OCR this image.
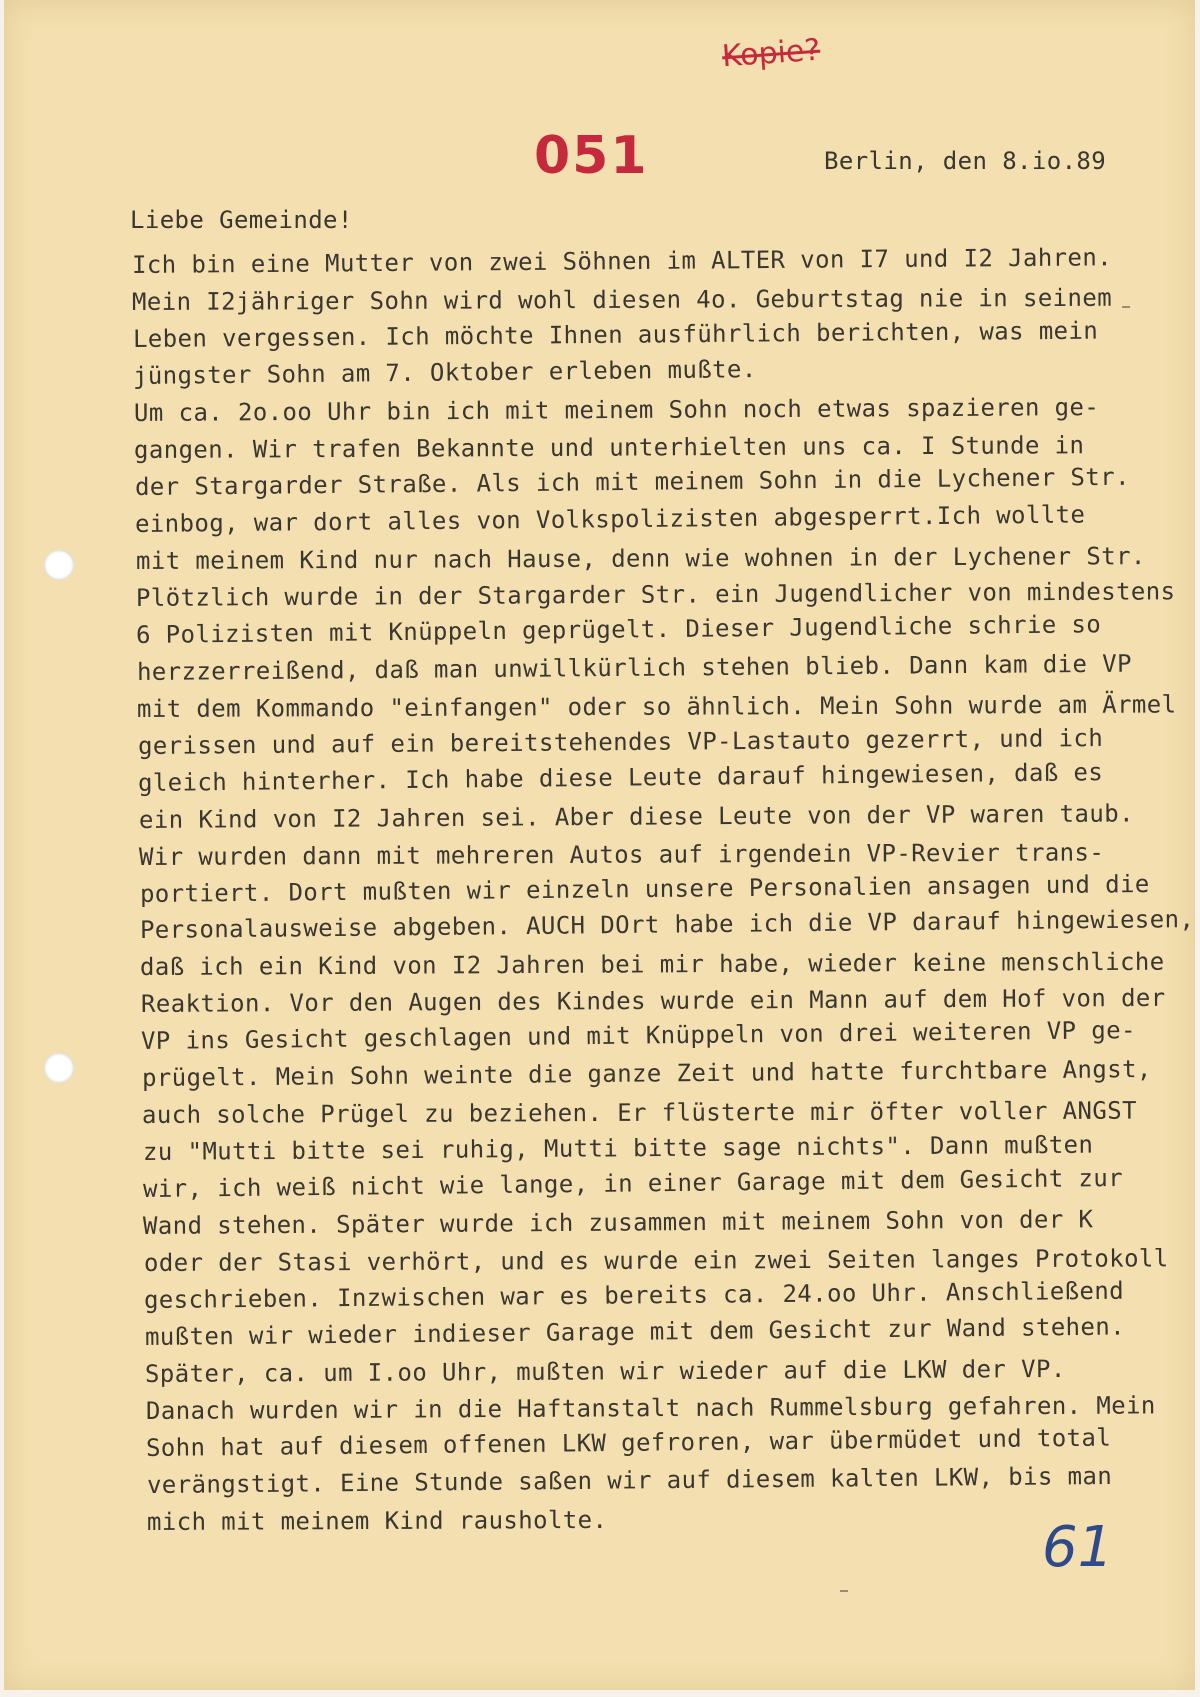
Kopie?
051	Berlin, den 8.io.89
Liebe Gemeinde!
Ich bin eine Mutter von zwei Söhnen im ALTER von I7 und I2 Jahren.
Mein I2jähriger Sohn wird wohl diesen 4o. Geburtstag nie in seinem
Leben vergessen. Ich möchte Ihnen ausführlich berichten, was mein
jüngster Sohn am 7. Oktober erleben mußte.
Um ca. 2o.oo Uhr bin ich mit meinem Sohn noch etwas spazieren ge-
gangen. Wir trafen Bekannte und unterhielten uns ca. I Stunde in
der Stargarder Straße. Als ich mit meinem Sohn in die Lychener Str.
einbog, war dort alles von Volkspolizisten abgesperrt.Ich wollte
mit meinem Kind nur nach Hause, denn wie wohnen in der Lychener Str.
Plötzlich wurde in der Stargarder Str. ein Jugendlicher von mindestens
6 Polizisten mit Knüppeln geprügelt. Dieser Jugendliche schrie so
herzzerreißend, daß man unwillkürlich stehen blieb. Dann kam die VP
mit dem Kommando "einfangen" oder so ähnlich. Mein Sohn wurde am Ärmel
gerissen und auf ein bereitstehendes VP-Lastauto gezerrt, und ich
gleich hinterher. Ich habe diese Leute darauf hingewiesen, daß es
ein Kind von I2 Jahren sei. Aber diese Leute von der VP waren taub.
Wir wurden dann mit mehreren Autos auf irgendein VP-Revier trans-
portiert. Dort mußten wir einzeln unsere Personalien ansagen und die
Personalausweise abgeben. AUCH DOrt habe ich die VP darauf hingewiesen,
daß ich ein Kind von I2 Jahren bei mir habe, wieder keine menschliche
Reaktion. Vor den Augen des Kindes wurde ein Mann auf dem Hof von der
VP ins Gesicht geschlagen und mit Knüppeln von drei weiteren VP ge-
prügelt. Mein Sohn weinte die ganze Zeit und hatte furchtbare Angst,
auch solche Prügel zu beziehen. Er flüsterte mir öfter voller ANGST
zu "Mutti bitte sei ruhig, Mutti bitte sage nichts". Dann mußten
wir, ich weiß nicht wie lange, in einer Garage mit dem Gesicht zur
Wand stehen. Später wurde ich zusammen mit meinem Sohn von der K
oder der Stasi verhört, und es wurde ein zwei Seiten langes Protokoll
geschrieben. Inzwischen war es bereits ca. 24.oo Uhr. Anschließend
mußten wir wieder indieser Garage mit dem Gesicht zur Wand stehen.
Später, ca. um I.oo Uhr, mußten wir wieder auf die LKW der VP.
Danach wurden wir in die Haftanstalt nach Rummelsburg gefahren. Mein
Sohn hat auf diesem offenen LKW gefroren, war übermüdet und total
verängstigt. Eine Stunde saßen wir auf diesem kalten LKW, bis man
mich mit meinem Kind rausholte.	61
